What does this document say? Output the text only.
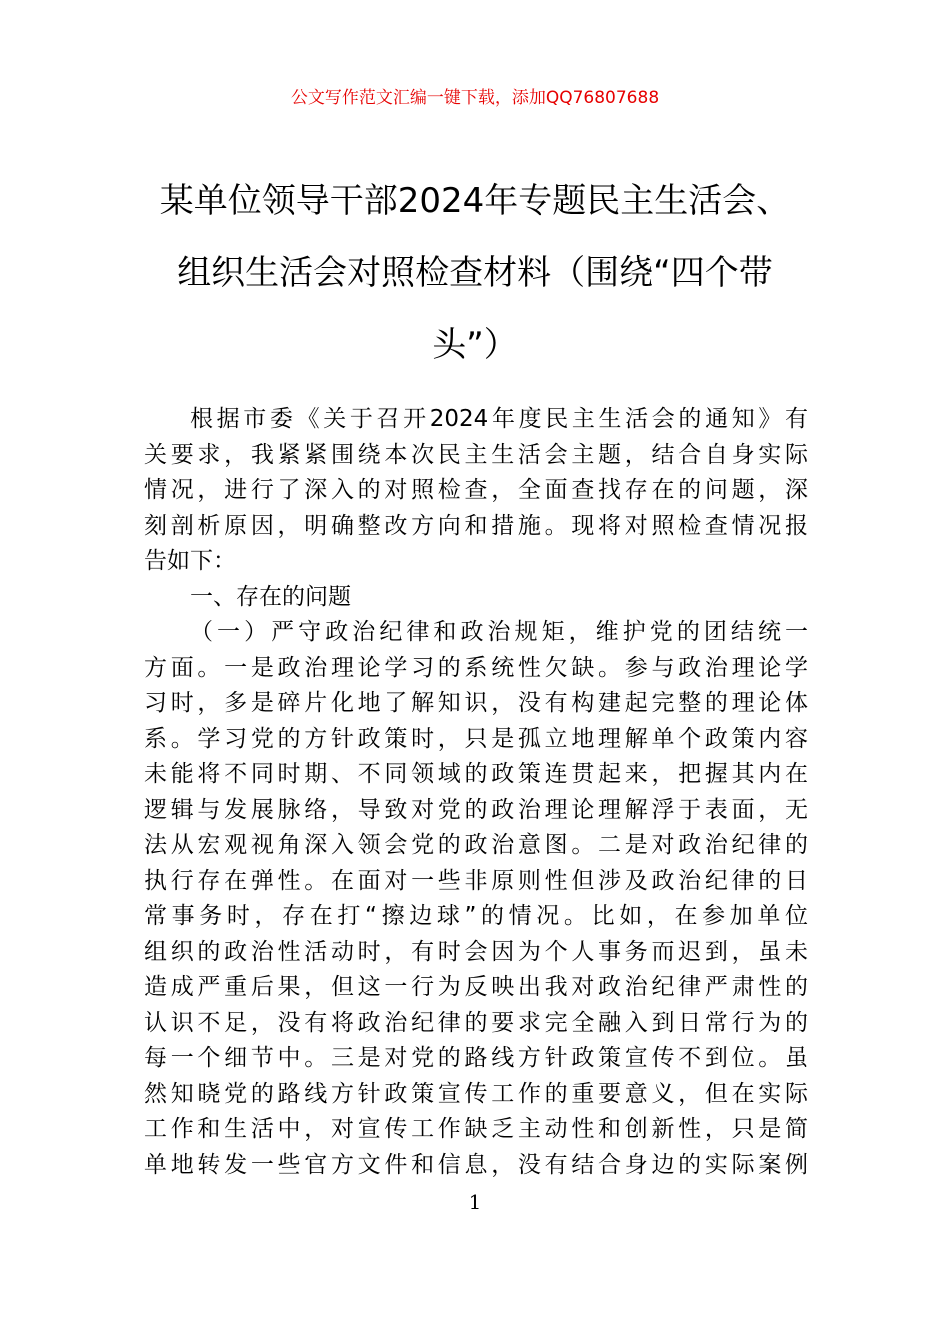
公文写作范文汇编一键下载，添加QQ76807688
某单位领导干部2024年专题民主生活会、
组织生活会对照检查材料（围绕“四个带
头”）

根据市委《关于召开2024年度民主生活会的通知》有
关要求，我紧紧围绕本次民主生活会主题，结合自身实际
情况，进行了深入的对照检查，全面查找存在的问题，深
刻剖析原因，明确整改方向和措施。现将对照检查情况报
告如下：

一、存在的问题

（一）严守政治纪律和政治规矩，维护党的团结统一
方面。一是政治理论学习的系统性欠缺。参与政治理论学
习时，多是碎片化地了解知识，没有构建起完整的理论体
系。学习党的方针政策时，只是孤立地理解单个政策内容
未能将不同时期、不同领域的政策连贯起来，把握其内在
逻辑与发展脉络，导致对党的政治理论理解浮于表面，无
法从宏观视角深入领会党的政治意图。二是对政治纪律的
执行存在弹性。在面对一些非原则性但涉及政治纪律的日
常事务时，存在打“擦边球”的情况。比如，在参加单位
组织的政治性活动时，有时会因为个人事务而迟到，虽未
造成严重后果，但这一行为反映出我对政治纪律严肃性的
认识不足，没有将政治纪律的要求完全融入到日常行为的
每一个细节中。三是对党的路线方针政策宣传不到位。虽
然知晓党的路线方针政策宣传工作的重要意义，但在实际
工作和生活中，对宣传工作缺乏主动性和创新性，只是简
单地转发一些官方文件和信息，没有结合身边的实际案例

1
